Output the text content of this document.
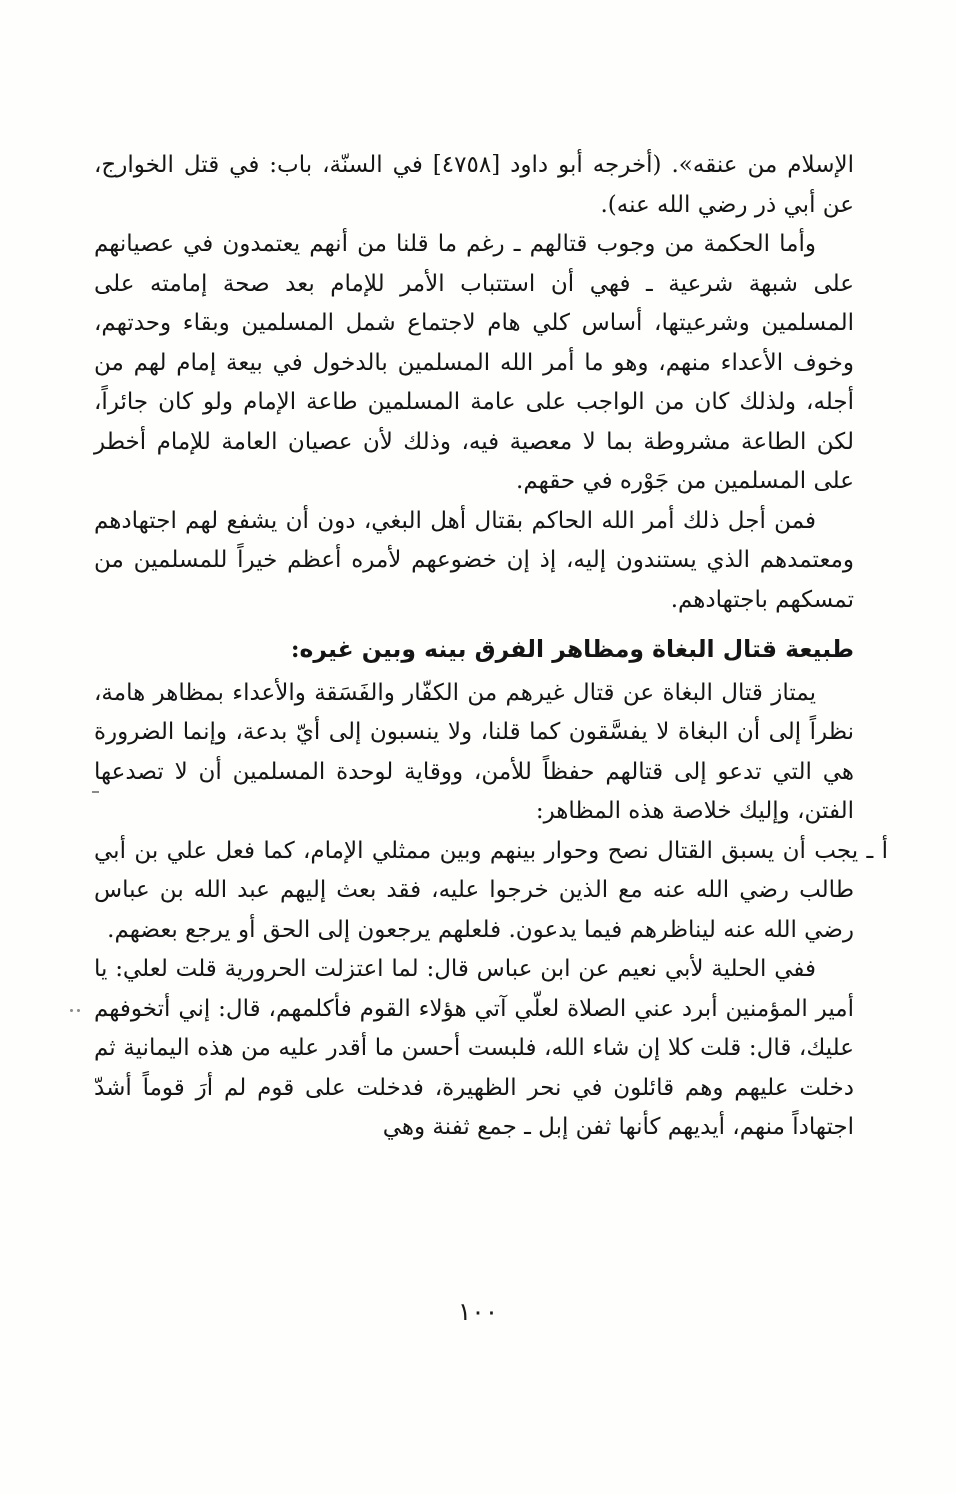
الإسلام من عنقه». (أخرجه أبو داود [٤٧٥٨] في السنّة، باب: في قتل الخوارج، عن أبي ذر رضي الله عنه).

وأما الحكمة من وجوب قتالهم ـ رغم ما قلنا من أنهم يعتمدون في عصيانهم على شبهة شرعية ـ فهي أن استتباب الأمر للإمام بعد صحة إمامته على المسلمين وشرعيتها، أساس كلي هام لاجتماع شمل المسلمين وبقاء وحدتهم، وخوف الأعداء منهم، وهو ما أمر الله المسلمين بالدخول في بيعة إمام لهم من أجله، ولذلك كان من الواجب على عامة المسلمين طاعة الإمام ولو كان جائراً، لكن الطاعة مشروطة بما لا معصية فيه، وذلك لأن عصيان العامة للإمام أخطر على المسلمين من جَوْره في حقهم.

فمن أجل ذلك أمر الله الحاكم بقتال أهل البغي، دون أن يشفع لهم اجتهادهم ومعتمدهم الذي يستندون إليه، إذ إن خضوعهم لأمره أعظم خيراً للمسلمين من تمسكهم باجتهادهم.

طبيعة قتال البغاة ومظاهر الفرق بينه وبين غيره:

يمتاز قتال البغاة عن قتال غيرهم من الكفّار والفَسَقة والأعداء بمظاهر هامة، نظراً إلى أن البغاة لا يفسَّقون كما قلنا، ولا ينسبون إلى أيّ بدعة، وإنما الضرورة هي التي تدعو إلى قتالهم حفظاً للأمن، ووقاية لوحدة المسلمين أن لا تصدعها الفتن، وإليك خلاصة هذه المظاهر:

أ ـ يجب أن يسبق القتال نصح وحوار بينهم وبين ممثلي الإمام، كما فعل علي بن أبي طالب رضي الله عنه مع الذين خرجوا عليه، فقد بعث إليهم عبد الله بن عباس رضي الله عنه ليناظرهم فيما يدعون. فلعلهم يرجعون إلى الحق أو يرجع بعضهم.

ففي الحلية لأبي نعيم عن ابن عباس قال: لما اعتزلت الحرورية قلت لعلي: يا أمير المؤمنين أبرد عني الصلاة لعلّي آتي هؤلاء القوم فأكلمهم، قال: إني أتخوفهم عليك، قال: قلت كلا إن شاء الله، فلبست أحسن ما أقدر عليه من هذه اليمانية ثم دخلت عليهم وهم قائلون في نحر الظهيرة، فدخلت على قوم لم أرَ قوماً أشدّ اجتهاداً منهم، أيديهم كأنها ثفن إبل ـ جمع ثفنة وهي

١٠٠
